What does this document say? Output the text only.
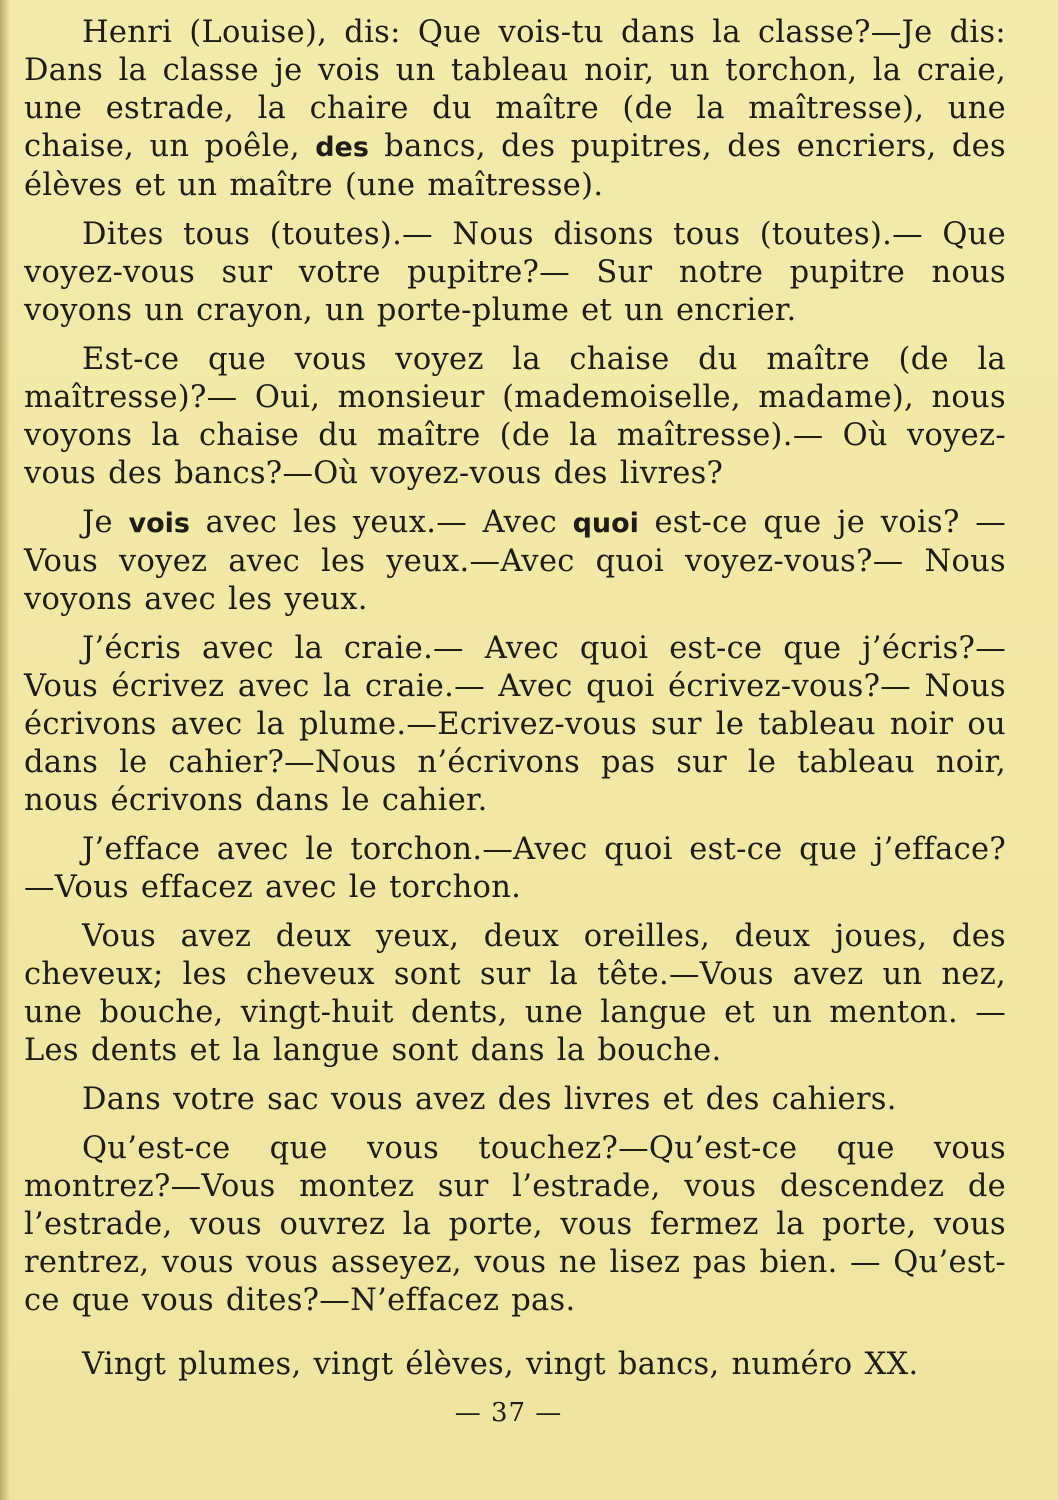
Henri (Louise), dis: Que vois-tu dans la classe?—Je dis: Dans la classe je vois un tableau noir, un torchon, la craie, une estrade, la chaire du maître (de la maîtresse), une chaise, un poêle, des bancs, des pupitres, des encriers, des élèves et un maître (une maîtresse).

Dites tous (toutes).— Nous disons tous (toutes).— Que voyez-vous sur votre pupitre?— Sur notre pupitre nous voyons un crayon, un porte-plume et un encrier.

Est-ce que vous voyez la chaise du maître (de la maîtresse)?— Oui, monsieur (mademoiselle, madame), nous voyons la chaise du maître (de la maîtresse).— Où voyez-vous des bancs?—Où voyez-vous des livres?

Je vois avec les yeux.— Avec quoi est-ce que je vois? —Vous voyez avec les yeux.—Avec quoi voyez-vous?— Nous voyons avec les yeux.

J’écris avec la craie.— Avec quoi est-ce que j’écris?— Vous écrivez avec la craie.— Avec quoi écrivez-vous?— Nous écrivons avec la plume.—Ecrivez-vous sur le tableau noir ou dans le cahier?—Nous n’écrivons pas sur le tableau noir, nous écrivons dans le cahier.

J’efface avec le torchon.—Avec quoi est-ce que j’efface? —Vous effacez avec le torchon.

Vous avez deux yeux, deux oreilles, deux joues, des cheveux; les cheveux sont sur la tête.—Vous avez un nez, une bouche, vingt-huit dents, une langue et un menton. —Les dents et la langue sont dans la bouche.

Dans votre sac vous avez des livres et des cahiers.

Qu’est-ce que vous touchez?—Qu’est-ce que vous montrez?—Vous montez sur l’estrade, vous descendez de l’estrade, vous ouvrez la porte, vous fermez la porte, vous rentrez, vous vous asseyez, vous ne lisez pas bien. — Qu’est-ce que vous dites?—N’effacez pas.

Vingt plumes, vingt élèves, vingt bancs, numéro XX.

— 37 —
